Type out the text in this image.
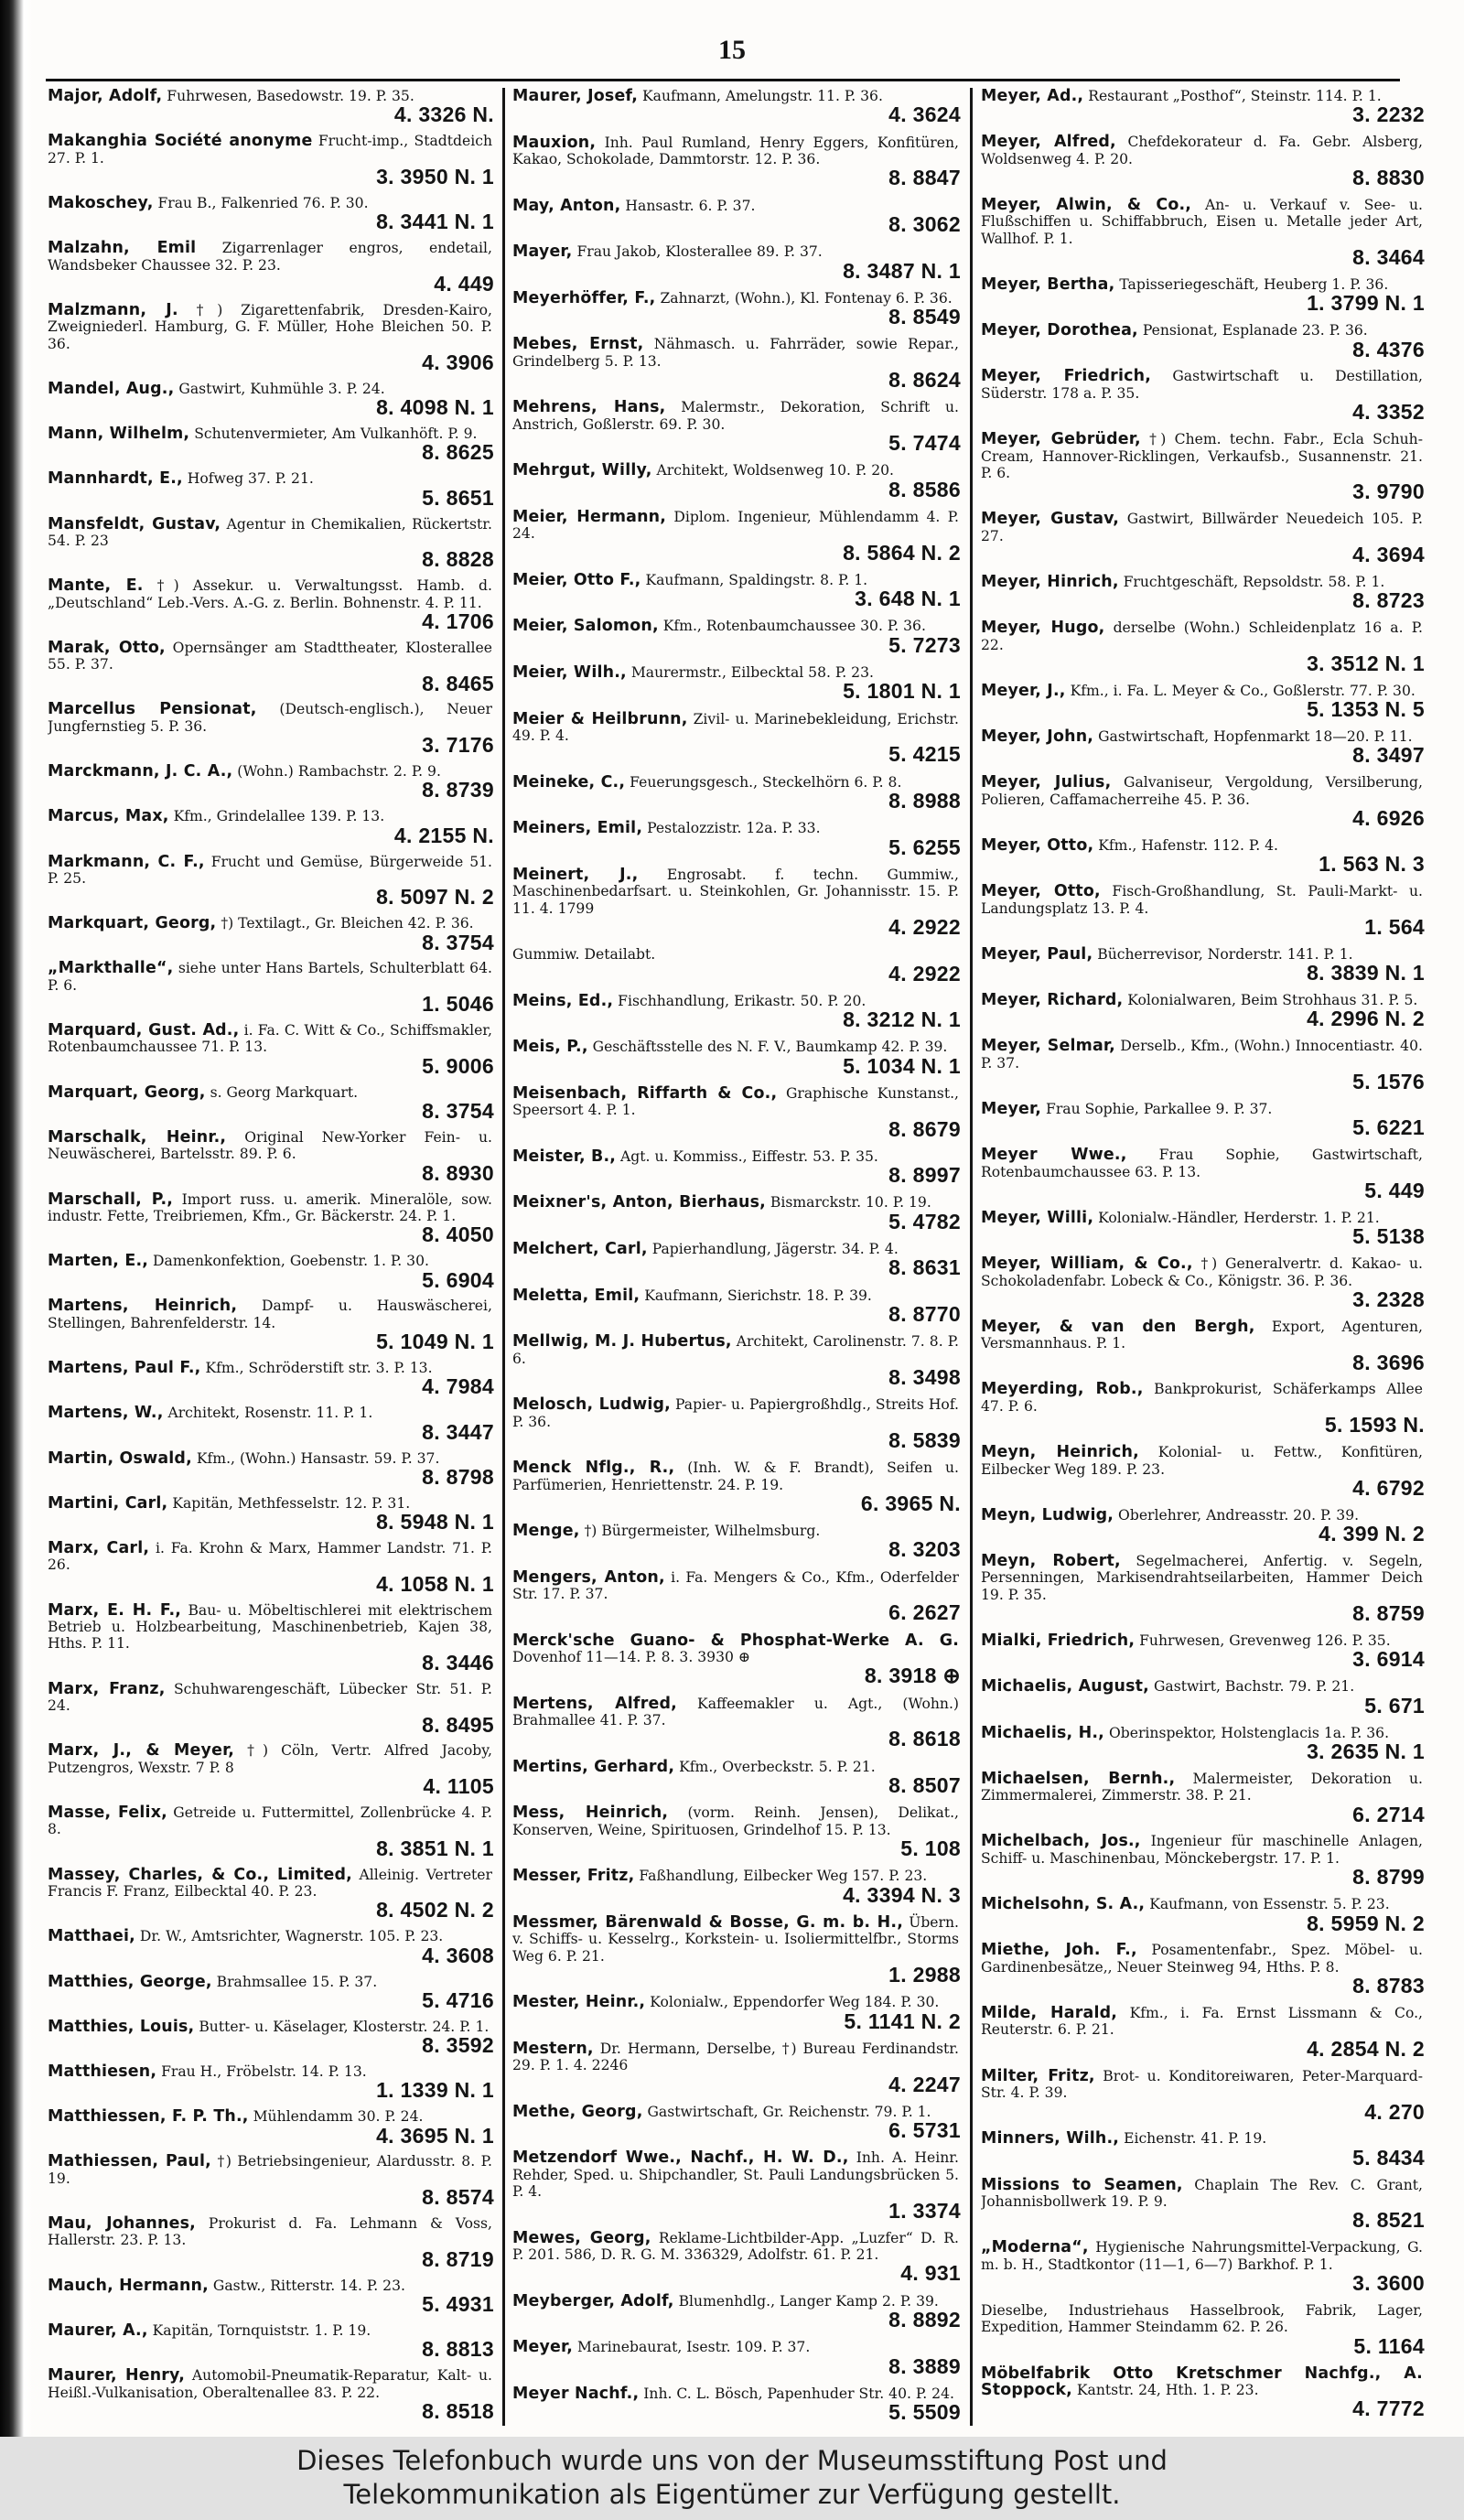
15
Major, Adolf, Fuhrwesen, Basedowstr. 19. P. 35.
4. 3326 N.
Makanghia Société anonyme Frucht-imp., Stadtdeich 27. P. 1.
3. 3950 N. 1
Makoschey, Frau B., Falkenried 76. P. 30.
8. 3441 N. 1
Malzahn, Emil Zigarrenlager engros, endetail, Wandsbeker Chaussee 32. P. 23.
4. 449
Malzmann, J. †) Zigarettenfabrik, Dresden-Kairo, Zweigniederl. Hamburg, G. F. Müller, Hohe Bleichen 50. P. 36.
4. 3906
Mandel, Aug., Gastwirt, Kuhmühle 3. P. 24.
8. 4098 N. 1
Mann, Wilhelm, Schutenvermieter, Am Vulkanhöft. P. 9.
8. 8625
Mannhardt, E., Hofweg 37. P. 21.
5. 8651
Mansfeldt, Gustav, Agentur in Chemikalien, Rückertstr. 54. P. 23
8. 8828
Mante, E. †) Assekur. u. Verwaltungsst. Hamb. d. „Deutschland“ Leb.-Vers. A.-G. z. Berlin. Bohnenstr. 4. P. 11.
4. 1706
Marak, Otto, Opernsänger am Stadttheater, Klosterallee 55. P. 37.
8. 8465
Marcellus Pensionat, (Deutsch-englisch.), Neuer Jungfernstieg 5. P. 36.
3. 7176
Marckmann, J. C. A., (Wohn.) Rambachstr. 2. P. 9.
8. 8739
Marcus, Max, Kfm., Grindelallee 139. P. 13.
4. 2155 N.
Markmann, C. F., Frucht und Gemüse, Bürgerweide 51. P. 25.
8. 5097 N. 2
Markquart, Georg, †) Textilagt., Gr. Bleichen 42. P. 36.
8. 3754
„Markthalle“, siehe unter Hans Bartels, Schulterblatt 64. P. 6.
1. 5046
Marquard, Gust. Ad., i. Fa. C. Witt & Co., Schiffsmakler, Rotenbaumchaussee 71. P. 13.
5. 9006
Marquart, Georg, s. Georg Markquart.
8. 3754
Marschalk, Heinr., Original New-Yorker Fein- u. Neuwäscherei, Bartelsstr. 89. P. 6.
8. 8930
Marschall, P., Import russ. u. amerik. Mineralöle, sow. industr. Fette, Treibriemen, Kfm., Gr. Bäckerstr. 24. P. 1.
8. 4050
Marten, E., Damenkonfektion, Goebenstr. 1. P. 30.
5. 6904
Martens, Heinrich, Dampf- u. Hauswäscherei, Stellingen, Bahrenfelderstr. 14.
5. 1049 N. 1
Martens, Paul F., Kfm., Schröderstift str. 3. P. 13.
4. 7984
Martens, W., Architekt, Rosenstr. 11. P. 1.
8. 3447
Martin, Oswald, Kfm., (Wohn.) Hansastr. 59. P. 37.
8. 8798
Martini, Carl, Kapitän, Methfesselstr. 12. P. 31.
8. 5948 N. 1
Marx, Carl, i. Fa. Krohn & Marx, Hammer Landstr. 71. P. 26.
4. 1058 N. 1
Marx, E. H. F., Bau- u. Möbeltischlerei mit elektrischem Betrieb u. Holzbearbeitung, Maschinenbetrieb, Kajen 38, Hths. P. 11.
8. 3446
Marx, Franz, Schuhwarengeschäft, Lübecker Str. 51. P. 24.
8. 8495
Marx, J., & Meyer, †) Cöln, Vertr. Alfred Jacoby, Putzengros, Wexstr. 7 P. 8
4. 1105
Masse, Felix, Getreide u. Futtermittel, Zollenbrücke 4. P. 8.
8. 3851 N. 1
Massey, Charles, & Co., Limited, Alleinig. Vertreter Francis F. Franz, Eilbecktal 40. P. 23.
8. 4502 N. 2
Matthaei, Dr. W., Amtsrichter, Wagnerstr. 105. P. 23.
4. 3608
Matthies, George, Brahmsallee 15. P. 37.
5. 4716
Matthies, Louis, Butter- u. Käselager, Klosterstr. 24. P. 1.
8. 3592
Matthiesen, Frau H., Fröbelstr. 14. P. 13.
1. 1339 N. 1
Matthiessen, F. P. Th., Mühlendamm 30. P. 24.
4. 3695 N. 1
Mathiessen, Paul, †) Betriebsingenieur, Alardusstr. 8. P. 19.
8. 8574
Mau, Johannes, Prokurist d. Fa. Lehmann & Voss, Hallerstr. 23. P. 13.
8. 8719
Mauch, Hermann, Gastw., Ritterstr. 14. P. 23.
5. 4931
Maurer, A., Kapitän, Tornquiststr. 1. P. 19.
8. 8813
Maurer, Henry, Automobil-Pneumatik-Reparatur, Kalt- u. Heißl.-Vulkanisation, Oberaltenallee 83. P. 22.
8. 8518
Maurer, Josef, Kaufmann, Amelungstr. 11. P. 36.
4. 3624
Mauxion, Inh. Paul Rumland, Henry Eggers, Konfitüren, Kakao, Schokolade, Dammtorstr. 12. P. 36.
8. 8847
May, Anton, Hansastr. 6. P. 37.
8. 3062
Mayer, Frau Jakob, Klosterallee 89. P. 37.
8. 3487 N. 1
Meyerhöffer, F., Zahnarzt, (Wohn.), Kl. Fontenay 6. P. 36.
8. 8549
Mebes, Ernst, Nähmasch. u. Fahrräder, sowie Repar., Grindelberg 5. P. 13.
8. 8624
Mehrens, Hans, Malermstr., Dekoration, Schrift u. Anstrich, Goßlerstr. 69. P. 30.
5. 7474
Mehrgut, Willy, Architekt, Woldsenweg 10. P. 20.
8. 8586
Meier, Hermann, Diplom. Ingenieur, Mühlendamm 4. P. 24.
8. 5864 N. 2
Meier, Otto F., Kaufmann, Spaldingstr. 8. P. 1.
3. 648 N. 1
Meier, Salomon, Kfm., Rotenbaumchaussee 30. P. 36.
5. 7273
Meier, Wilh., Maurermstr., Eilbecktal 58. P. 23.
5. 1801 N. 1
Meier & Heilbrunn, Zivil- u. Marinebekleidung, Erichstr. 49. P. 4.
5. 4215
Meineke, C., Feuerungsgesch., Steckelhörn 6. P. 8.
8. 8988
Meiners, Emil, Pestalozzistr. 12a. P. 33.
5. 6255
Meinert, J., Engrosabt. f. techn. Gummiw., Maschinenbedarfsart. u. Steinkohlen, Gr. Johannisstr. 15. P. 11. 4. 1799
4. 2922
Gummiw. Detailabt.
4. 2922
Meins, Ed., Fischhandlung, Erikastr. 50. P. 20.
8. 3212 N. 1
Meis, P., Geschäftsstelle des N. F. V., Baumkamp 42. P. 39.
5. 1034 N. 1
Meisenbach, Riffarth & Co., Graphische Kunstanst., Speersort 4. P. 1.
8. 8679
Meister, B., Agt. u. Kommiss., Eiffestr. 53. P. 35.
8. 8997
Meixner's, Anton, Bierhaus, Bismarckstr. 10. P. 19.
5. 4782
Melchert, Carl, Papierhandlung, Jägerstr. 34. P. 4.
8. 8631
Meletta, Emil, Kaufmann, Sierichstr. 18. P. 39.
8. 8770
Mellwig, M. J. Hubertus, Architekt, Carolinenstr. 7. 8. P. 6.
8. 3498
Melosch, Ludwig, Papier- u. Papiergroßhdlg., Streits Hof. P. 36.
8. 5839
Menck Nflg., R., (Inh. W. & F. Brandt), Seifen u. Parfümerien, Henriettenstr. 24. P. 19.
6. 3965 N.
Menge, †) Bürgermeister, Wilhelmsburg.
8. 3203
Mengers, Anton, i. Fa. Mengers & Co., Kfm., Oderfelder Str. 17. P. 37.
6. 2627
Merck'sche Guano- & Phosphat-Werke A. G. Dovenhof 11—14. P. 8. 3. 3930 ⊕
8. 3918 ⊕
Mertens, Alfred, Kaffeemakler u. Agt., (Wohn.) Brahmallee 41. P. 37.
8. 8618
Mertins, Gerhard, Kfm., Overbeckstr. 5. P. 21.
8. 8507
Mess, Heinrich, (vorm. Reinh. Jensen), Delikat., Konserven, Weine, Spirituosen, Grindelhof 15. P. 13.
5. 108
Messer, Fritz, Faßhandlung, Eilbecker Weg 157. P. 23.
4. 3394 N. 3
Messmer, Bärenwald & Bosse, G. m. b. H., Übern. v. Schiffs- u. Kesselrg., Korkstein- u. Isoliermittelfbr., Storms Weg 6. P. 21.
1. 2988
Mester, Heinr., Kolonialw., Eppendorfer Weg 184. P. 30.
5. 1141 N. 2
Mestern, Dr. Hermann, Derselbe, †) Bureau Ferdinandstr. 29. P. 1. 4. 2246
4. 2247
Methe, Georg, Gastwirtschaft, Gr. Reichenstr. 79. P. 1.
6. 5731
Metzendorf Wwe., Nachf., H. W. D., Inh. A. Heinr. Rehder, Sped. u. Shipchandler, St. Pauli Landungsbrücken 5. P. 4.
1. 3374
Mewes, Georg, Reklame-Lichtbilder-App. „Luzfer“ D. R. P. 201. 586, D. R. G. M. 336329, Adolfstr. 61. P. 21.
4. 931
Meyberger, Adolf, Blumenhdlg., Langer Kamp 2. P. 39.
8. 8892
Meyer, Marinebaurat, Isestr. 109. P. 37.
8. 3889
Meyer Nachf., Inh. C. L. Bösch, Papenhuder Str. 40. P. 24.
5. 5509
Meyer, Ad., Restaurant „Posthof“, Steinstr. 114. P. 1.
3. 2232
Meyer, Alfred, Chefdekorateur d. Fa. Gebr. Alsberg, Woldsenweg 4. P. 20.
8. 8830
Meyer, Alwin, & Co., An- u. Verkauf v. See- u. Flußschiffen u. Schiffabbruch, Eisen u. Metalle jeder Art, Wallhof. P. 1.
8. 3464
Meyer, Bertha, Tapisseriegeschäft, Heuberg 1. P. 36.
1. 3799 N. 1
Meyer, Dorothea, Pensionat, Esplanade 23. P. 36.
8. 4376
Meyer, Friedrich, Gastwirtschaft u. Destillation, Süderstr. 178 a. P. 35.
4. 3352
Meyer, Gebrüder, †) Chem. techn. Fabr., Ecla Schuh-Cream, Hannover-Ricklingen, Verkaufsb., Susannenstr. 21. P. 6.
3. 9790
Meyer, Gustav, Gastwirt, Billwärder Neuedeich 105. P. 27.
4. 3694
Meyer, Hinrich, Fruchtgeschäft, Repsoldstr. 58. P. 1.
8. 8723
Meyer, Hugo, derselbe (Wohn.) Schleidenplatz 16 a. P. 22.
3. 3512 N. 1
Meyer, J., Kfm., i. Fa. L. Meyer & Co., Goßlerstr. 77. P. 30.
5. 1353 N. 5
Meyer, John, Gastwirtschaft, Hopfenmarkt 18—20. P. 11.
8. 3497
Meyer, Julius, Galvaniseur, Vergoldung, Versilberung, Polieren, Caffamacherreihe 45. P. 36.
4. 6926
Meyer, Otto, Kfm., Hafenstr. 112. P. 4.
1. 563 N. 3
Meyer, Otto, Fisch-Großhandlung, St. Pauli-Markt- u. Landungsplatz 13. P. 4.
1. 564
Meyer, Paul, Bücherrevisor, Norderstr. 141. P. 1.
8. 3839 N. 1
Meyer, Richard, Kolonialwaren, Beim Strohhaus 31. P. 5.
4. 2996 N. 2
Meyer, Selmar, Derselb., Kfm., (Wohn.) Innocentiastr. 40. P. 37.
5. 1576
Meyer, Frau Sophie, Parkallee 9. P. 37.
5. 6221
Meyer Wwe., Frau Sophie, Gastwirtschaft, Rotenbaumchaussee 63. P. 13.
5. 449
Meyer, Willi, Kolonialw.-Händler, Herderstr. 1. P. 21.
5. 5138
Meyer, William, & Co., †) Generalvertr. d. Kakao- u. Schokoladenfabr. Lobeck & Co., Königstr. 36. P. 36.
3. 2328
Meyer, & van den Bergh, Export, Agenturen, Versmannhaus. P. 1.
8. 3696
Meyerding, Rob., Bankprokurist, Schäferkamps Allee 47. P. 6.
5. 1593 N.
Meyn, Heinrich, Kolonial- u. Fettw., Konfitüren, Eilbecker Weg 189. P. 23.
4. 6792
Meyn, Ludwig, Oberlehrer, Andreasstr. 20. P. 39.
4. 399 N. 2
Meyn, Robert, Segelmacherei, Anfertig. v. Segeln, Persenningen, Markisendrahtseilarbeiten, Hammer Deich 19. P. 35.
8. 8759
Mialki, Friedrich, Fuhrwesen, Grevenweg 126. P. 35.
3. 6914
Michaelis, August, Gastwirt, Bachstr. 79. P. 21.
5. 671
Michaelis, H., Oberinspektor, Holstenglacis 1a. P. 36.
3. 2635 N. 1
Michaelsen, Bernh., Malermeister, Dekoration u. Zimmermalerei, Zimmerstr. 38. P. 21.
6. 2714
Michelbach, Jos., Ingenieur für maschinelle Anlagen, Schiff- u. Maschinenbau, Mönckebergstr. 17. P. 1.
8. 8799
Michelsohn, S. A., Kaufmann, von Essenstr. 5. P. 23.
8. 5959 N. 2
Miethe, Joh. F., Posamentenfabr., Spez. Möbel- u. Gardinenbesätze,, Neuer Steinweg 94, Hths. P. 8.
8. 8783
Milde, Harald, Kfm., i. Fa. Ernst Lissmann & Co., Reuterstr. 6. P. 21.
4. 2854 N. 2
Milter, Fritz, Brot- u. Konditoreiwaren, Peter-Marquard-Str. 4. P. 39.
4. 270
Minners, Wilh., Eichenstr. 41. P. 19.
5. 8434
Missions to Seamen, Chaplain The Rev. C. Grant, Johannisbollwerk 19. P. 9.
8. 8521
„Moderna“, Hygienische Nahrungsmittel-Verpackung, G. m. b. H., Stadtkontor (11—1, 6—7) Barkhof. P. 1.
3. 3600
Dieselbe, Industriehaus Hasselbrook, Fabrik, Lager, Expedition, Hammer Steindamm 62. P. 26.
5. 1164
Möbelfabrik Otto Kretschmer Nachfg., A. Stoppock, Kantstr. 24, Hth. 1. P. 23.
4. 7772
Dieses Telefonbuch wurde uns von der Museumsstiftung Post und
Telekommunikation als Eigentümer zur Verfügung gestellt.
